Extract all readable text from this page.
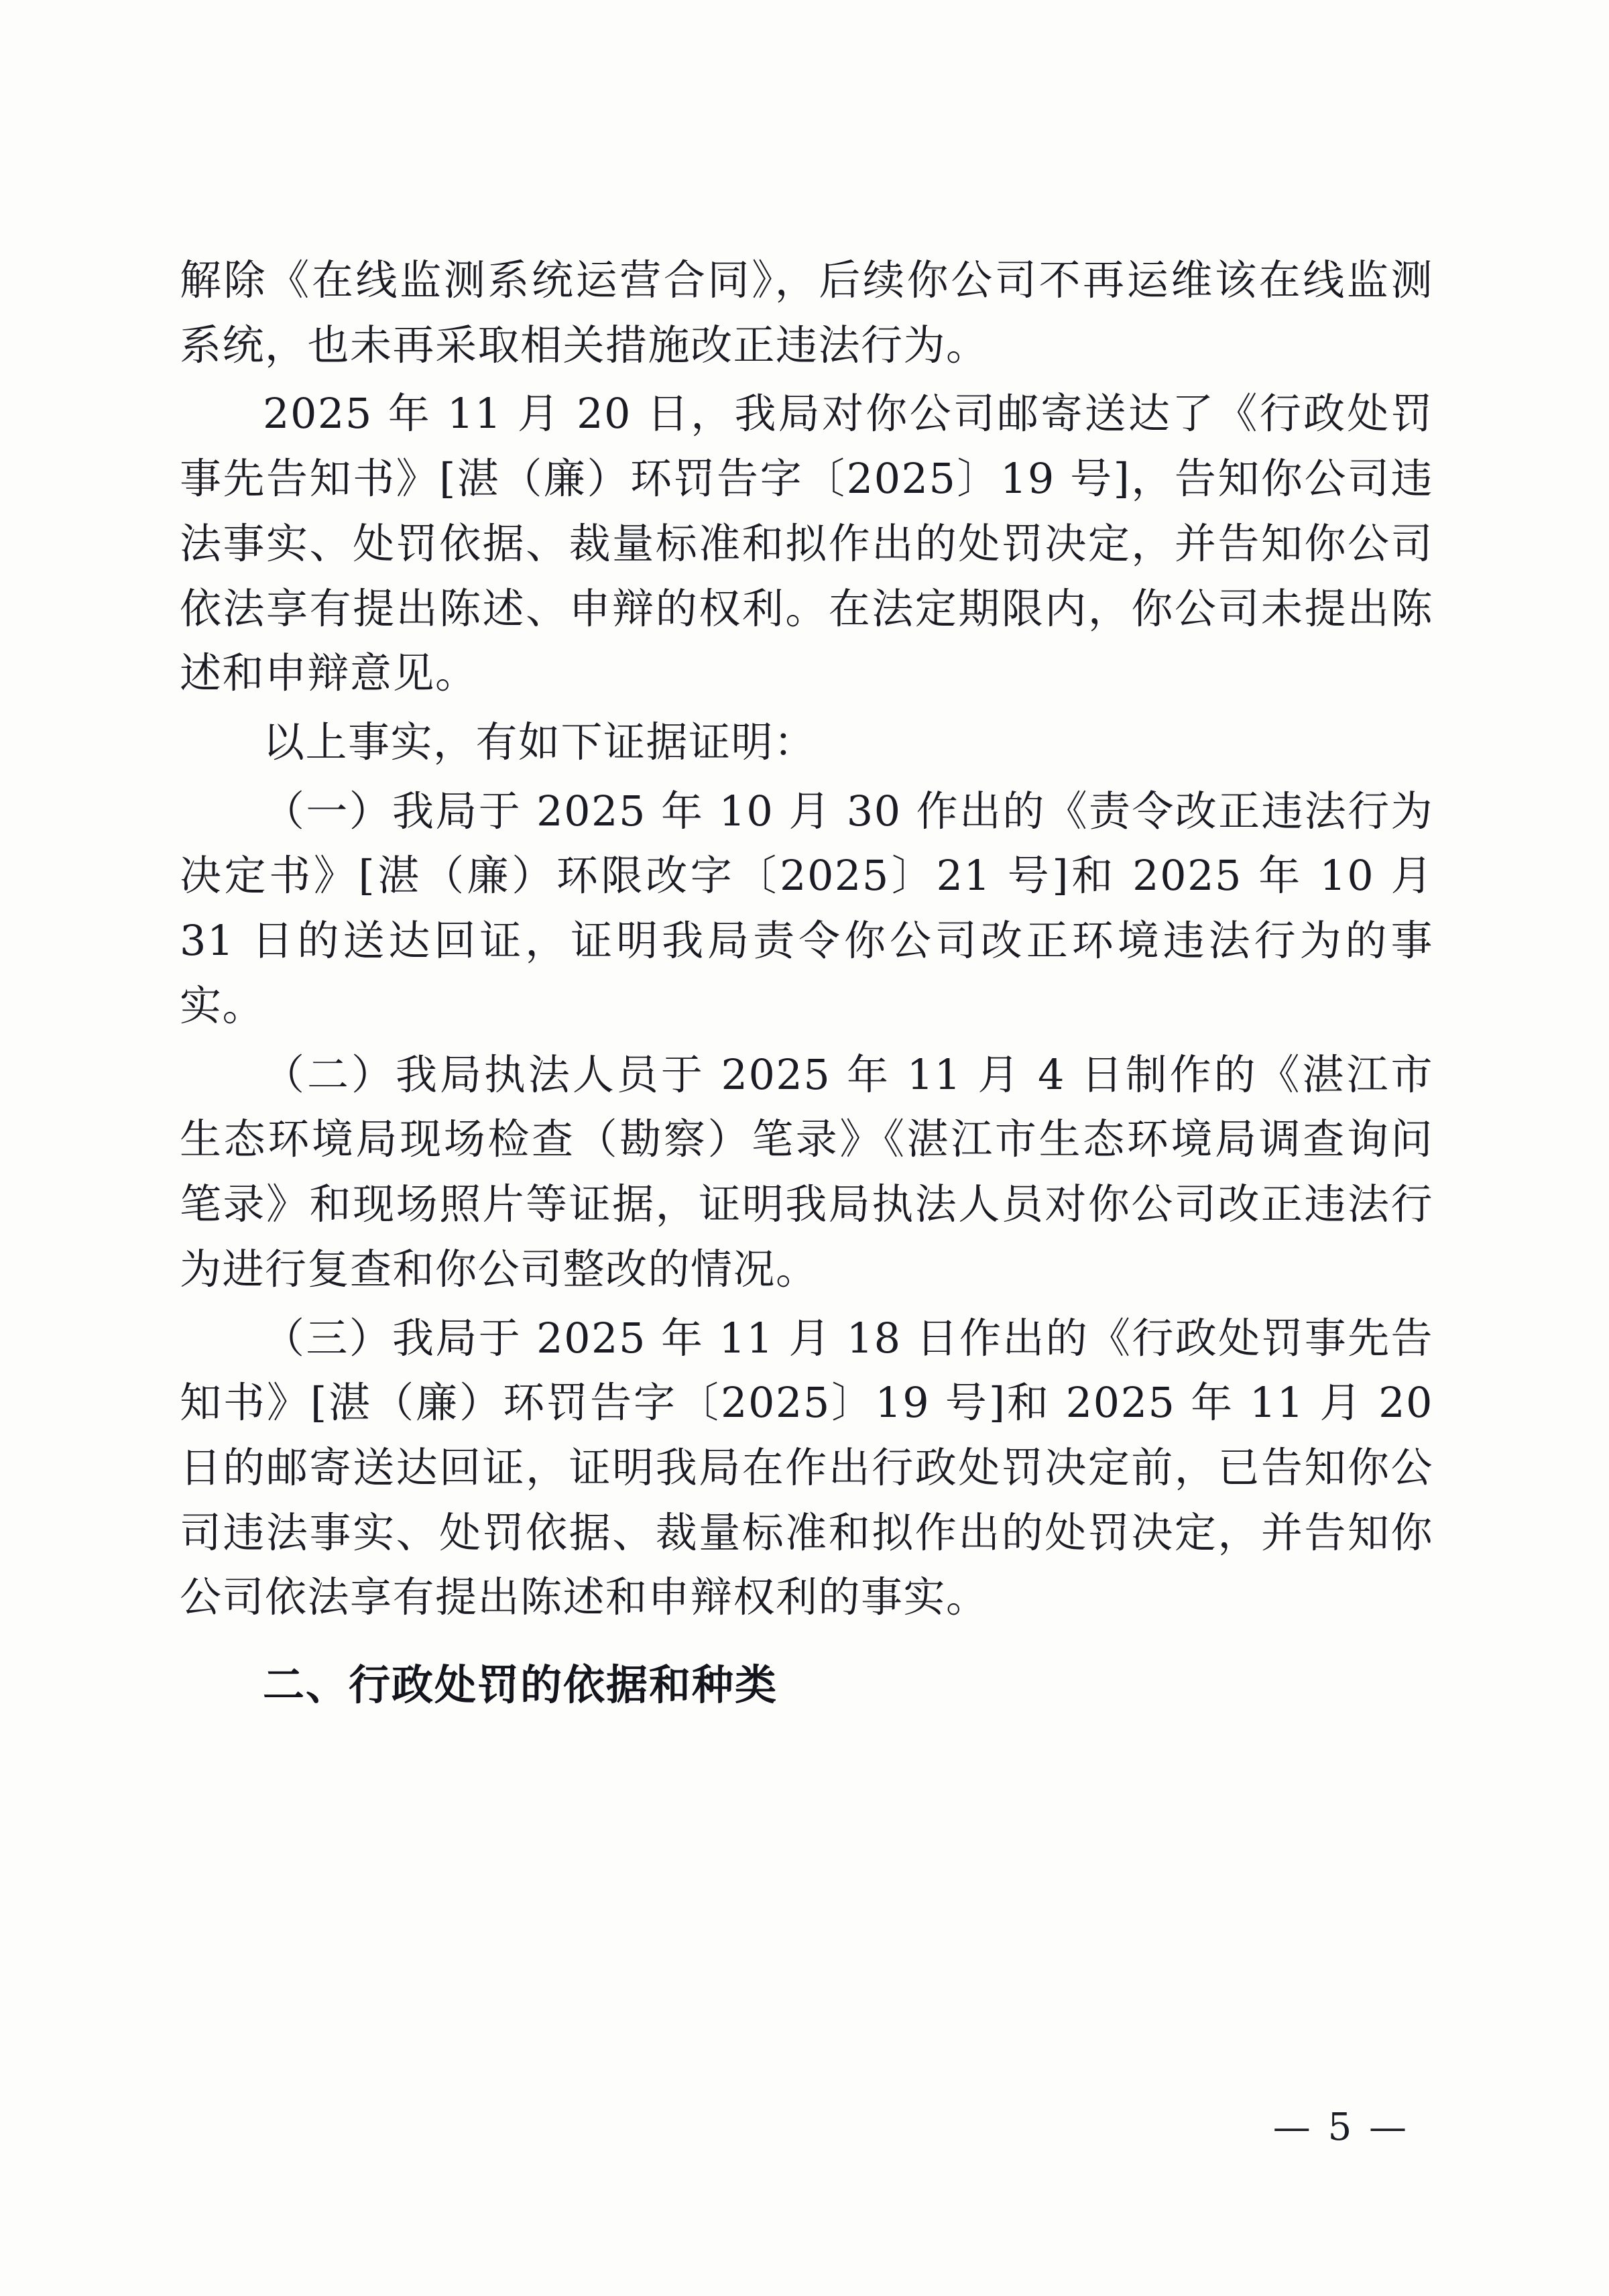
解除《在线监测系统运营合同》，后续你公司不再运维该在线监测系统，也未再采取相关措施改正违法行为。

2025 年 11 月 20 日，我局对你公司邮寄送达了《行政处罚事先告知书》[湛（廉）环罚告字〔2025〕19 号]，告知你公司违法事实、处罚依据、裁量标准和拟作出的处罚决定，并告知你公司依法享有提出陈述、申辩的权利。在法定期限内，你公司未提出陈述和申辩意见。

以上事实，有如下证据证明：

（一）我局于 2025 年 10 月 30 作出的《责令改正违法行为决定书》[湛（廉）环限改字〔2025〕21 号]和 2025 年 10 月 31 日的送达回证，证明我局责令你公司改正环境违法行为的事实。

（二）我局执法人员于 2025 年 11 月 4 日制作的《湛江市生态环境局现场检查（勘察）笔录》《湛江市生态环境局调查询问笔录》和现场照片等证据，证明我局执法人员对你公司改正违法行为进行复查和你公司整改的情况。

（三）我局于 2025 年 11 月 18 日作出的《行政处罚事先告知书》[湛（廉）环罚告字〔2025〕19 号]和 2025 年 11 月 20 日的邮寄送达回证，证明我局在作出行政处罚决定前，已告知你公司违法事实、处罚依据、裁量标准和拟作出的处罚决定，并告知你公司依法享有提出陈述和申辩权利的事实。

二、行政处罚的依据和种类

— 5 —
